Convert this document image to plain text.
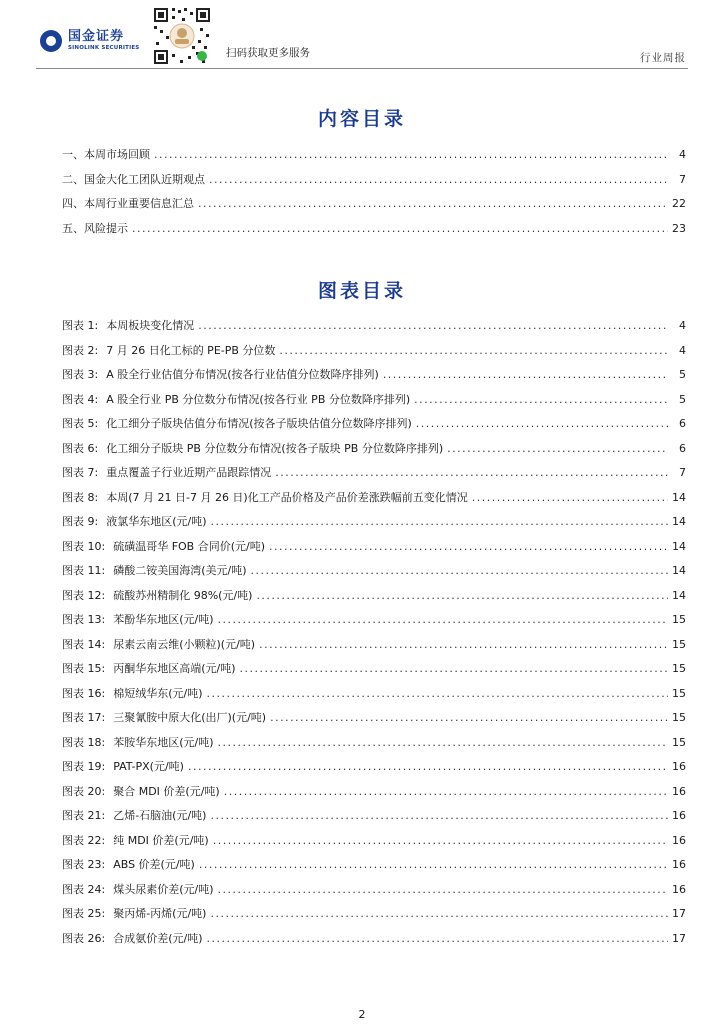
国金证券
SINOLINK SECURITIES	扫码获取更多服务	行业周报
内容目录
一、本周市场回顾 .....	4
二、国金大化工团队近期观点 .....	7
四、本周行业重要信息汇总 .....	22
五、风险提示 .....	23
图表目录
图表 1: 本周板块变化情况 .....	4
图表 2: 7 月 26 日化工标的 PE-PB 分位数 .....	4
图表 3: A 股全行业估值分布情况(按各行业估值分位数降序排列) .....	5
图表 4: A 股全行业 PB 分位数分布情况(按各行业 PB 分位数降序排列) .....	5
图表 5: 化工细分子版块估值分布情况(按各子版块估值分位数降序排列) .....	6
图表 6: 化工细分子版块 PB 分位数分布情况(按各子版块 PB 分位数降序排列) .....	6
图表 7: 重点覆盖子行业近期产品跟踪情况 .....	7
图表 8: 本周(7 月 21 日-7 月 26 日)化工产品价格及产品价差涨跌幅前五变化情况 .....	14
图表 9: 液氯华东地区(元/吨) .....	14
图表 10: 硫磺温哥华 FOB 合同价(元/吨) .....	14
图表 11: 磷酸二铵美国海湾(美元/吨) .....	14
图表 12: 硫酸苏州精制化 98%(元/吨) .....	14
图表 13: 苯酚华东地区(元/吨) .....	15
图表 14: 尿素云南云维(小颗粒)(元/吨) .....	15
图表 15: 丙酮华东地区高端(元/吨) .....	15
图表 16: 棉短绒华东(元/吨) .....	15
图表 17: 三聚氰胺中原大化(出厂)(元/吨) .....	15
图表 18: 苯胺华东地区(元/吨) .....	15
图表 19: PAT-PX(元/吨) .....	16
图表 20: 聚合 MDI 价差(元/吨) .....	16
图表 21: 乙烯-石脑油(元/吨) .....	16
图表 22: 纯 MDI 价差(元/吨) .....	16
图表 23: ABS 价差(元/吨) .....	16
图表 24: 煤头尿素价差(元/吨) .....	16
图表 25: 聚丙烯-丙烯(元/吨) .....	17
图表 26: 合成氨价差(元/吨) .....	17
2
